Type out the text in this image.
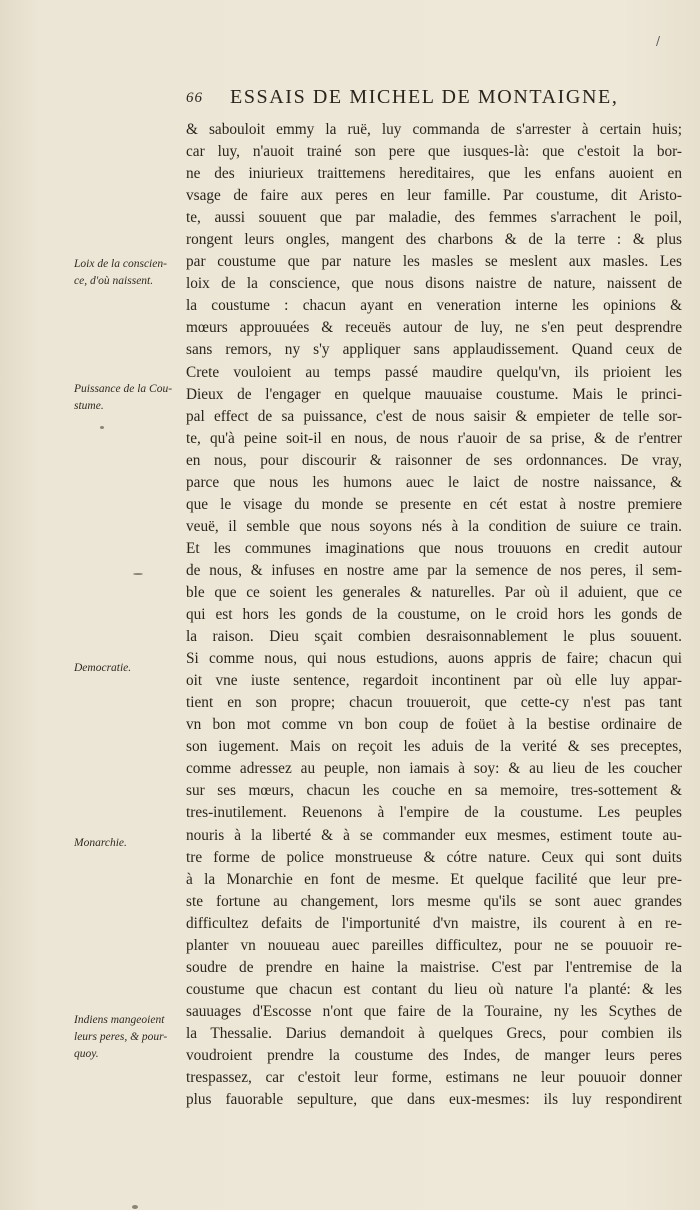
/
66 ESSAIS DE MICHEL DE MONTAIGNE,
Loix de la conscien-
ce, d'où naissent.
Puissance de la Cou-
stume.
Democratie.
Monarchie.
Indiens mangeoient
leurs peres, & pour-
quoy.
& sabouloit emmy la ruë, luy commanda de s'arrester à certain huis;
car luy, n'auoit trainé son pere que iusques-là: que c'estoit la bor-
ne des iniurieux traittemens hereditaires, que les enfans auoient en
vsage de faire aux peres en leur famille. Par coustume, dit Aristo-
te, aussi souuent que par maladie, des femmes s'arrachent le poil,
rongent leurs ongles, mangent des charbons & de la terre : & plus
par coustume que par nature les masles se meslent aux masles. Les
loix de la conscience, que nous disons naistre de nature, naissent de
la coustume : chacun ayant en veneration interne les opinions &
mœurs approuuées & receuës autour de luy, ne s'en peut desprendre
sans remors, ny s'y appliquer sans applaudissement. Quand ceux de
Crete vouloient au temps passé maudire quelqu'vn, ils prioient les
Dieux de l'engager en quelque mauuaise coustume. Mais le princi-
pal effect de sa puissance, c'est de nous saisir & empieter de telle sor-
te, qu'à peine soit-il en nous, de nous r'auoir de sa prise, & de r'entrer
en nous, pour discourir & raisonner de ses ordonnances. De vray,
parce que nous les humons auec le laict de nostre naissance, &
que le visage du monde se presente en cét estat à nostre premiere
veuë, il semble que nous soyons nés à la condition de suiure ce train.
Et les communes imaginations que nous trouuons en credit autour
de nous, & infuses en nostre ame par la semence de nos peres, il sem-
ble que ce soient les generales & naturelles. Par où il aduient, que ce
qui est hors les gonds de la coustume, on le croid hors les gonds de
la raison. Dieu sçait combien desraisonnablement le plus souuent.
Si comme nous, qui nous estudions, auons appris de faire; chacun qui
oit vne iuste sentence, regardoit incontinent par où elle luy appar-
tient en son propre; chacun trouueroit, que cette-cy n'est pas tant
vn bon mot comme vn bon coup de foüet à la bestise ordinaire de
son iugement. Mais on reçoit les aduis de la verité & ses preceptes,
comme adressez au peuple, non iamais à soy: & au lieu de les coucher
sur ses mœurs, chacun les couche en sa memoire, tres-sottement &
tres-inutilement. Reuenons à l'empire de la coustume. Les peuples
nouris à la liberté & à se commander eux mesmes, estiment toute au-
tre forme de police monstrueuse & cótre nature. Ceux qui sont duits
à la Monarchie en font de mesme. Et quelque facilité que leur pre-
ste fortune au changement, lors mesme qu'ils se sont auec grandes
difficultez defaits de l'importunité d'vn maistre, ils courent à en re-
planter vn nouueau auec pareilles difficultez, pour ne se pouuoir re-
soudre de prendre en haine la maistrise. C'est par l'entremise de la
coustume que chacun est contant du lieu où nature l'a planté: & les
sauuages d'Escosse n'ont que faire de la Touraine, ny les Scythes de
la Thessalie. Darius demandoit à quelques Grecs, pour combien ils
voudroient prendre la coustume des Indes, de manger leurs peres
trespassez, car c'estoit leur forme, estimans ne leur pouuoir donner
plus fauorable sepulture, que dans eux-mesmes: ils luy respondirent
